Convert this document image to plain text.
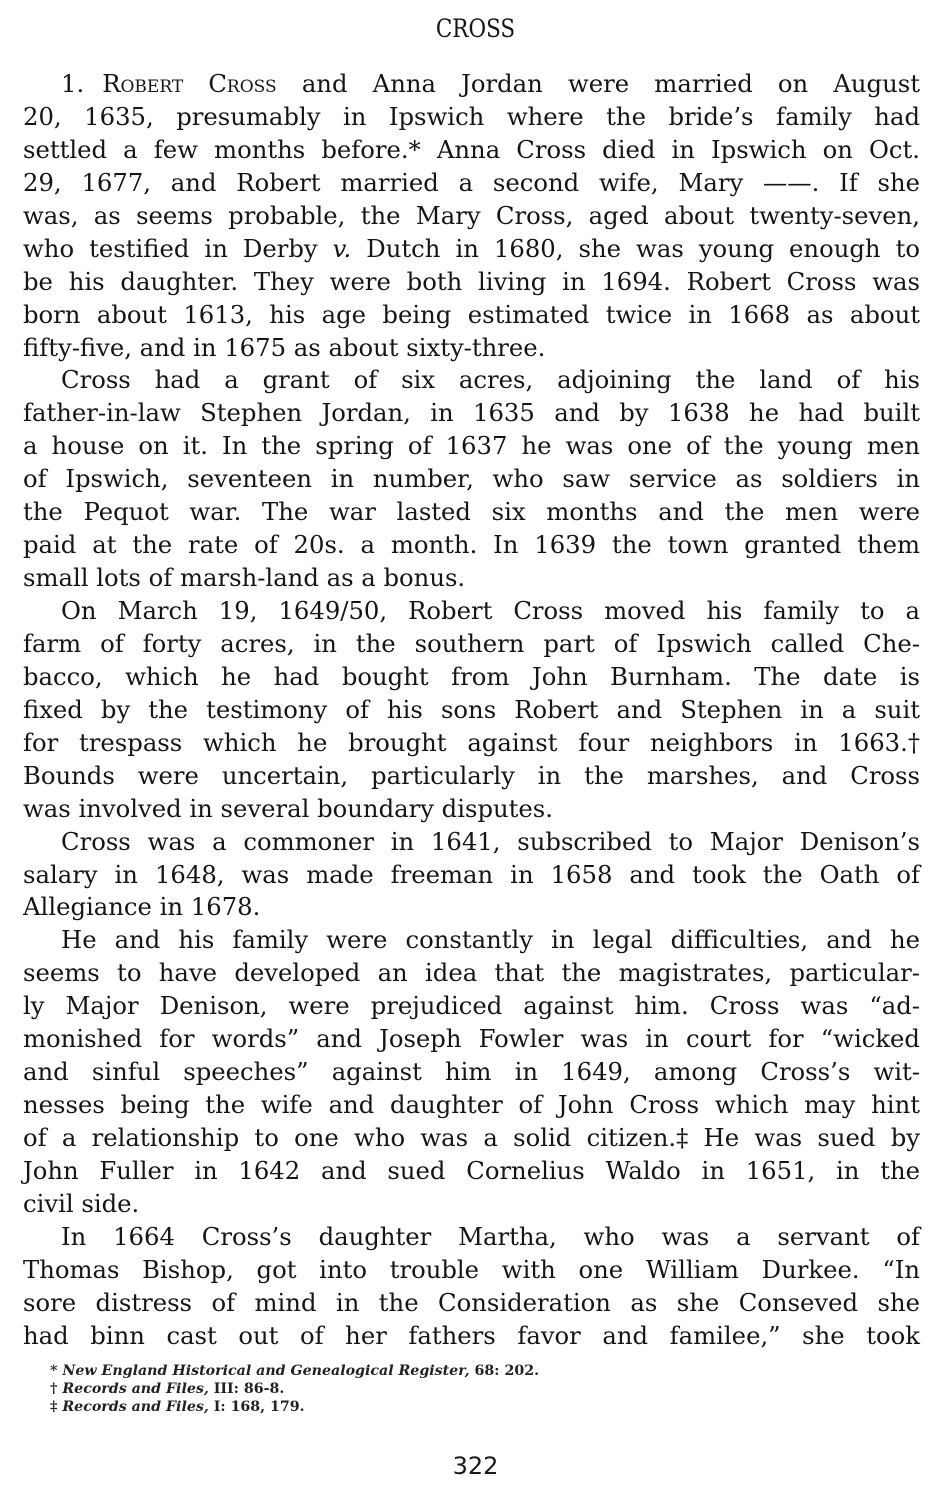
CROSS
1. Robert Cross and Anna Jordan were married on August
20, 1635, presumably in Ipswich where the bride’s family had
settled a few months before.* Anna Cross died in Ipswich on Oct.
29, 1677, and Robert married a second wife, Mary ——. If she
was, as seems probable, the Mary Cross, aged about twenty-seven,
who testified in Derby v. Dutch in 1680, she was young enough to
be his daughter. They were both living in 1694. Robert Cross was
born about 1613, his age being estimated twice in 1668 as about
fifty-five, and in 1675 as about sixty-three.
Cross had a grant of six acres, adjoining the land of his
father-in-law Stephen Jordan, in 1635 and by 1638 he had built
a house on it. In the spring of 1637 he was one of the young men
of Ipswich, seventeen in number, who saw service as soldiers in
the Pequot war. The war lasted six months and the men were
paid at the rate of 20s. a month. In 1639 the town granted them
small lots of marsh-land as a bonus.
On March 19, 1649/50, Robert Cross moved his family to a
farm of forty acres, in the southern part of Ipswich called Che-
bacco, which he had bought from John Burnham. The date is
fixed by the testimony of his sons Robert and Stephen in a suit
for trespass which he brought against four neighbors in 1663.†
Bounds were uncertain, particularly in the marshes, and Cross
was involved in several boundary disputes.
Cross was a commoner in 1641, subscribed to Major Denison’s
salary in 1648, was made freeman in 1658 and took the Oath of
Allegiance in 1678.
He and his family were constantly in legal difficulties, and he
seems to have developed an idea that the magistrates, particular-
ly Major Denison, were prejudiced against him. Cross was “ad-
monished for words” and Joseph Fowler was in court for “wicked
and sinful speeches” against him in 1649, among Cross’s wit-
nesses being the wife and daughter of John Cross which may hint
of a relationship to one who was a solid citizen.‡ He was sued by
John Fuller in 1642 and sued Cornelius Waldo in 1651, in the
civil side.
In 1664 Cross’s daughter Martha, who was a servant of
Thomas Bishop, got into trouble with one William Durkee. “In
sore distress of mind in the Consideration as she Conseved she
had binn cast out of her fathers favor and familee,” she took
* New England Historical and Genealogical Register, 68: 202.
† Records and Files, III: 86-8.
‡ Records and Files, I: 168, 179.
322
